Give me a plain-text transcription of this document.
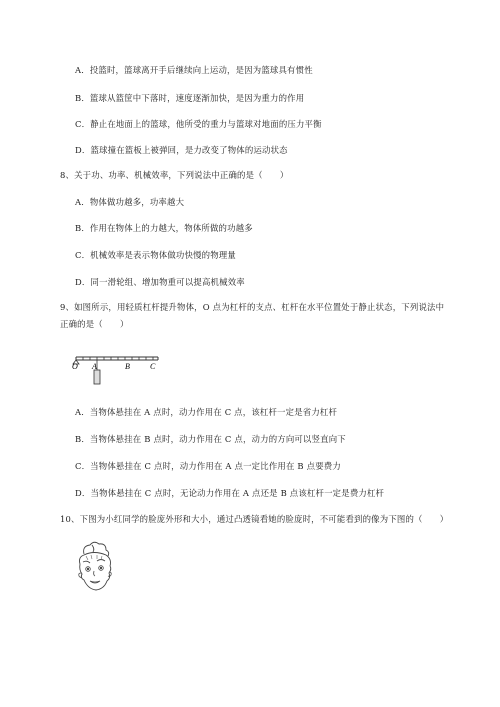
A．投篮时，篮球离开手后继续向上运动，是因为篮球具有惯性
B．篮球从篮筐中下落时，速度逐渐加快，是因为重力的作用
C．静止在地面上的篮球，他所受的重力与篮球对地面的压力平衡
D．篮球撞在篮板上被弹回，是力改变了物体的运动状态
8、关于功、功率、机械效率，下列说法中正确的是（　　）
A．物体做功越多，功率越大
B．作用在物体上的力越大，物体所做的功越多
C．机械效率是表示物体做功快慢的物理量
D．同一滑轮组、增加物重可以提高机械效率
9、如图所示，用轻质杠杆提升物体，O 点为杠杆的支点、杠杆在水平位置处于静止状态，下列说法中
正确的是（　　）
O A	B	C
A．当物体悬挂在 A 点时，动力作用在 C 点，该杠杆一定是省力杠杆
B．当物体悬挂在 B 点时，动力作用在 C 点，动力的方向可以竖直向下
C．当物体悬挂在 C 点时，动力作用在 A 点一定比作用在 B 点要费力
D．当物体悬挂在 C 点时，无论动力作用在 A 点还是 B 点该杠杆一定是费力杠杆
10、下图为小红同学的脸庞外形和大小，通过凸透镜看她的脸庞时，不可能看到的像为下图的（　　）
